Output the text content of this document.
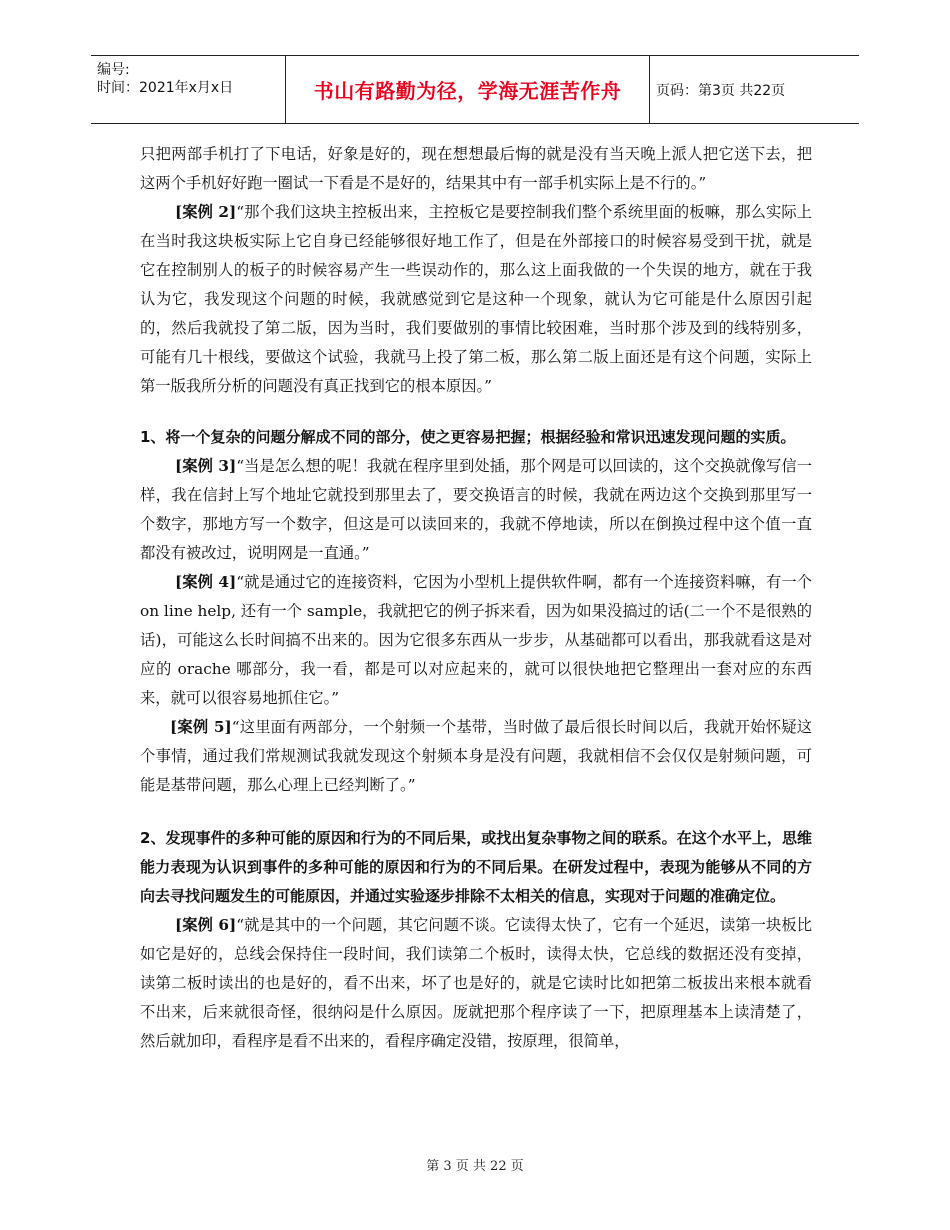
编号:
时间：2021年x月x日	书山有路勤为径，学海无涯苦作舟 页码：第3页 共22页
只把两部手机打了下电话，好象是好的，现在想想最后悔的就是没有当天晚上派人把它送下去，把这两个手机好好跑一圈试一下看是不是好的，结果其中有一部手机实际上是不行的。”
[案例 2]“那个我们这块主控板出来，主控板它是要控制我们整个系统里面的板嘛，那么实际上在当时我这块板实际上它自身已经能够很好地工作了，但是在外部接口的时候容易受到干扰，就是它在控制别人的板子的时候容易产生一些误动作的，那么这上面我做的一个失误的地方，就在于我认为它，我发现这个问题的时候，我就感觉到它是这种一个现象，就认为它可能是什么原因引起的，然后我就投了第二版，因为当时，我们要做别的事情比较困难，当时那个涉及到的线特别多，可能有几十根线，要做这个试验，我就马上投了第二板，那么第二版上面还是有这个问题，实际上第一版我所分析的问题没有真正找到它的根本原因。”
1、将一个复杂的问题分解成不同的部分，使之更容易把握；根据经验和常识迅速发现问题的实质。
[案例 3]“当是怎么想的呢！我就在程序里到处插，那个网是可以回读的，这个交换就像写信一样，我在信封上写个地址它就投到那里去了，要交换语言的时候，我就在两边这个交换到那里写一个数字，那地方写一个数字，但这是可以读回来的，我就不停地读，所以在倒换过程中这个值一直都没有被改过，说明网是一直通。”
[案例 4]“就是通过它的连接资料，它因为小型机上提供软件啊，都有一个连接资料嘛，有一个 on line help, 还有一个 sample，我就把它的例子拆来看，因为如果没搞过的话(二一个不是很熟的话)，可能这么长时间搞不出来的。因为它很多东西从一步步，从基础都可以看出，那我就看这是对应的 orache 哪部分，我一看，都是可以对应起来的，就可以很快地把它整理出一套对应的东西来，就可以很容易地抓住它。”
[案例 5]“这里面有两部分，一个射频一个基带，当时做了最后很长时间以后，我就开始怀疑这个事情，通过我们常规测试我就发现这个射频本身是没有问题，我就相信不会仅仅是射频问题，可能是基带问题，那么心理上已经判断了。”
2、发现事件的多种可能的原因和行为的不同后果，或找出复杂事物之间的联系。在这个水平上，思维能力表现为认识到事件的多种可能的原因和行为的不同后果。在研发过程中，表现为能够从不同的方向去寻找问题发生的可能原因，并通过实验逐步排除不太相关的信息，实现对于问题的准确定位。
[案例 6]“就是其中的一个问题，其它问题不谈。它读得太快了，它有一个延迟，读第一块板比如它是好的，总线会保持住一段时间，我们读第二个板时，读得太快，它总线的数据还没有变掉，读第二板时读出的也是好的，看不出来，坏了也是好的，就是它读时比如把第二板拔出来根本就看不出来，后来就很奇怪，很纳闷是什么原因。厐就把那个程序读了一下，把原理基本上读清楚了，然后就加印，看程序是看不出来的，看程序确定没错，按原理，很简单，
第 3 页 共 22 页
